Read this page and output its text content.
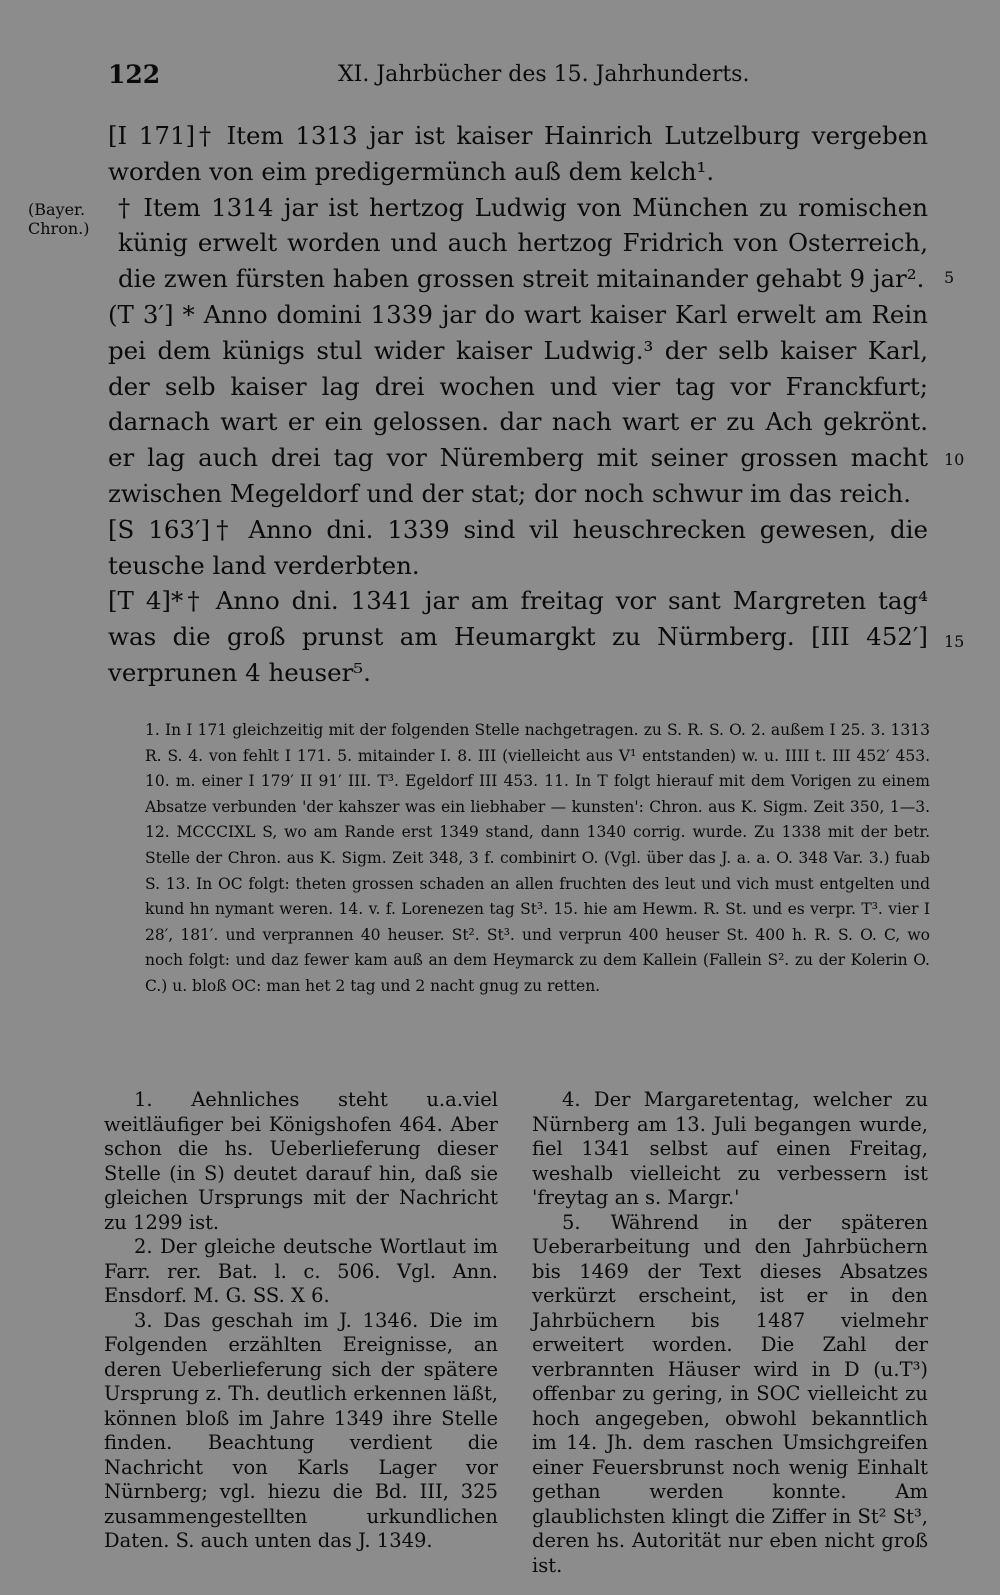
122	XI. Jahrbücher des 15. Jahrhunderts.
(Bayer.
Chron.)
5
10
15

[I 171]† Item 1313 jar ist kaiser Hainrich Lutzelburg vergeben worden von eim predigermünch auß dem kelch¹.

† Item 1314 jar ist hertzog Ludwig von München zu romischen künig erwelt worden und auch hertzog Fridrich von Osterreich, die zwen fürsten haben grossen streit mitainander gehabt 9 jar².

(T 3′] * Anno domini 1339 jar do wart kaiser Karl erwelt am Rein pei dem künigs stul wider kaiser Ludwig.³ der selb kaiser Karl, der selb kaiser lag drei wochen und vier tag vor Franckfurt; darnach wart er ein gelossen. dar nach wart er zu Ach gekrönt. er lag auch drei tag vor Nüremberg mit seiner grossen macht zwischen Megeldorf und der stat; dor noch schwur im das reich.

[S 163′]† Anno dni. 1339 sind vil heuschrecken gewesen, die teusche land verderbten.

[T 4]*† Anno dni. 1341 jar am freitag vor sant Margreten tag⁴ was die groß prunst am Heumargkt zu Nürmberg. [III 452′] verprunen 4 heuser⁵.

1. In I 171 gleichzeitig mit der folgenden Stelle nachgetragen. zu S. R. S. O. 2. außem I 25. 3. 1313 R. S. 4. von fehlt I 171. 5. mitainder I. 8. III (vielleicht aus V¹ entstanden) w. u. IIII t. III 452′ 453. 10. m. einer I 179′ II 91′ III. T³. Egeldorf III 453. 11. In T folgt hierauf mit dem Vorigen zu einem Absatze verbunden 'der kahszer was ein liebhaber — kunsten': Chron. aus K. Sigm. Zeit 350, 1—3. 12. MCCCIXL S, wo am Rande erst 1349 stand, dann 1340 corrig. wurde. Zu 1338 mit der betr. Stelle der Chron. aus K. Sigm. Zeit 348, 3 f. combinirt O. (Vgl. über das J. a. a. O. 348 Var. 3.) fuab S. 13. In OC folgt: theten grossen schaden an allen fruchten des leut und vich must entgelten und kund hn nymant weren. 14. v. f. Lorenezen tag St³. 15. hie am Hewm. R. St. und es verpr. T³. vier I 28′, 181′. und verprannen 40 heuser. St². St³. und verprun 400 heuser St. 400 h. R. S. O. C, wo noch folgt: und daz fewer kam auß an dem Heymarck zu dem Kallein (Fallein S². zu der Kolerin O. C.) u. bloß OC: man het 2 tag und 2 nacht gnug zu retten.

1. Aehnliches steht u.a.viel weitläufiger bei Königshofen 464. Aber schon die hs. Ueberlieferung dieser Stelle (in S) deutet darauf hin, daß sie gleichen Ursprungs mit der Nachricht zu 1299 ist.

2. Der gleiche deutsche Wortlaut im Farr. rer. Bat. l. c. 506. Vgl. Ann. Ensdorf. M. G. SS. X 6.

3. Das geschah im J. 1346. Die im Folgenden erzählten Ereignisse, an deren Ueberlieferung sich der spätere Ursprung z. Th. deutlich erkennen läßt, können bloß im Jahre 1349 ihre Stelle finden. Beachtung verdient die Nachricht von Karls Lager vor Nürnberg; vgl. hiezu die Bd. III, 325 zusammengestellten urkundlichen Daten. S. auch unten das J. 1349.

4. Der Margaretentag, welcher zu Nürnberg am 13. Juli begangen wurde, fiel 1341 selbst auf einen Freitag, weshalb vielleicht zu verbessern ist 'freytag an s. Margr.'

5. Während in der späteren Ueberarbeitung und den Jahrbüchern bis 1469 der Text dieses Absatzes verkürzt erscheint, ist er in den Jahrbüchern bis 1487 vielmehr erweitert worden. Die Zahl der verbrannten Häuser wird in D (u.T³) offenbar zu gering, in SOC vielleicht zu hoch angegeben, obwohl bekanntlich im 14. Jh. dem raschen Umsichgreifen einer Feuersbrunst noch wenig Einhalt gethan werden konnte. Am glaublichsten klingt die Ziffer in St² St³, deren hs. Autorität nur eben nicht groß ist.
